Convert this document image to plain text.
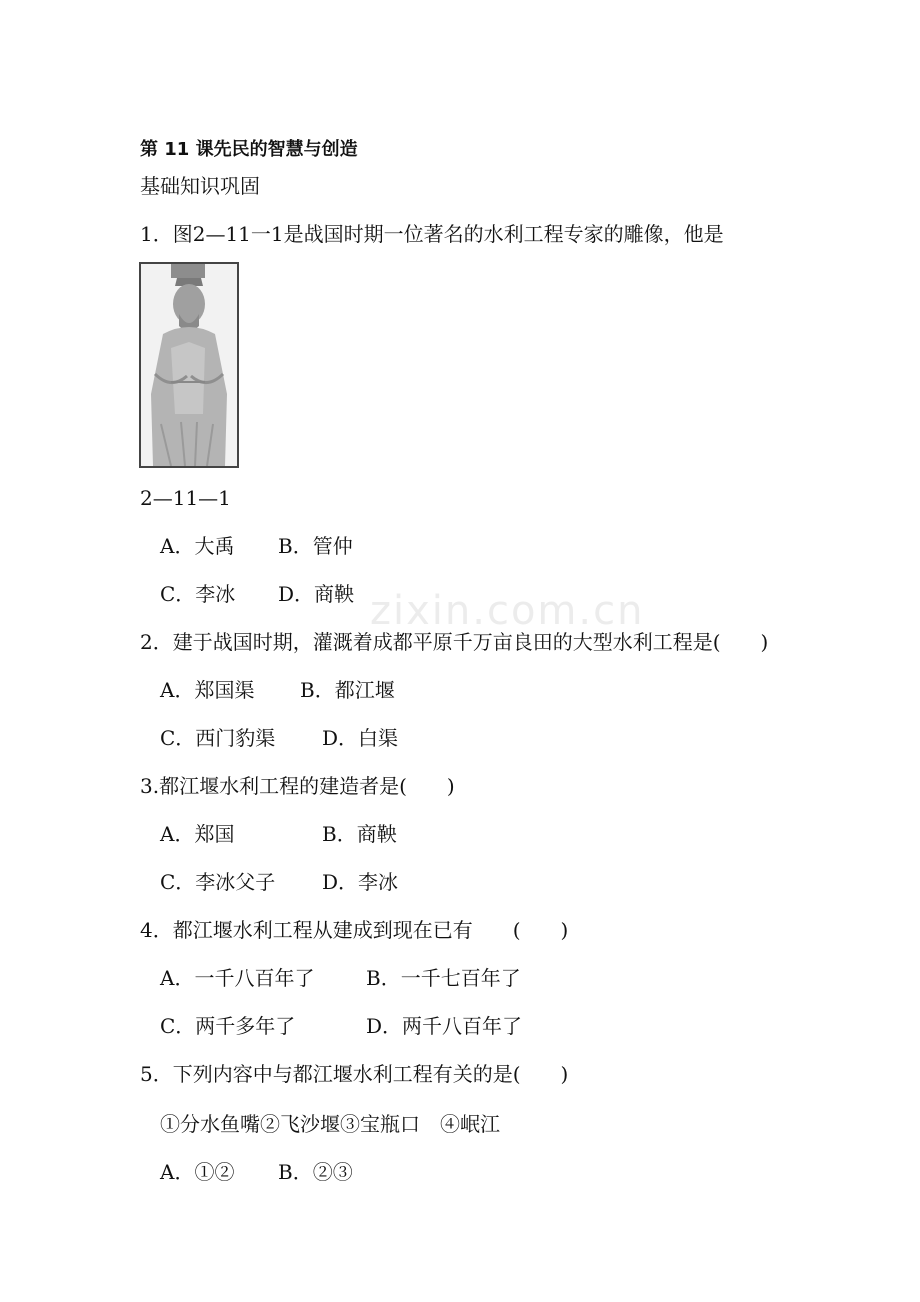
zixin.com.cn
第 11 课先民的智慧与创造
基础知识巩固
1．图2—11一1是战国时期一位著名的水利工程专家的雕像，他是
2—11—1
A．大禹 B．管仲
C．李冰 D．商鞅
2．建于战国时期，灌溉着成都平原千万亩良田的大型水利工程是(　　)
A．郑国渠 B．都江堰
C．西门豹渠 D．白渠
3.都江堰水利工程的建造者是(　　)
A．郑国	B．商鞅
C．李冰父子 D．李冰
4．都江堰水利工程从建成到现在已有　　(　　)
A．一千八百年了	B．一千七百年了
C．两千多年了	D．两千八百年了
5．下列内容中与都江堰水利工程有关的是(　　)
①分水鱼嘴②飞沙堰③宝瓶口　④岷江
A．①② B．②③
